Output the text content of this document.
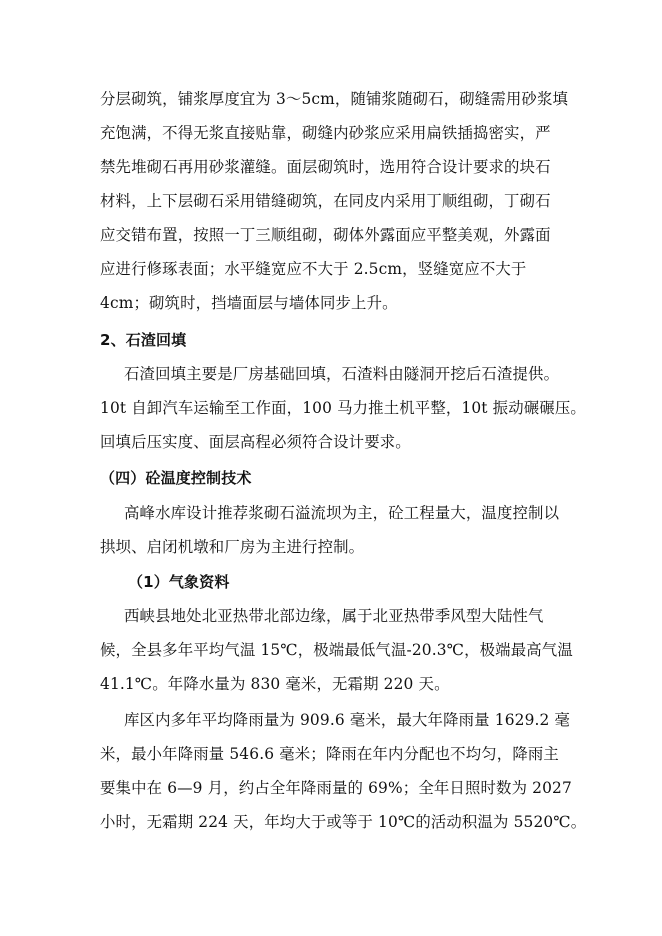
分层砌筑，铺浆厚度宜为 3～5cm，随铺浆随砌石，砌缝需用砂浆填
充饱满，不得无浆直接贴靠，砌缝内砂浆应采用扁铁插捣密实，严
禁先堆砌石再用砂浆灌缝。面层砌筑时，选用符合设计要求的块石
材料，上下层砌石采用错缝砌筑，在同皮内采用丁顺组砌，丁砌石
应交错布置，按照一丁三顺组砌，砌体外露面应平整美观，外露面
应进行修琢表面；水平缝宽应不大于 2.5cm，竖缝宽应不大于
4cm；砌筑时，挡墙面层与墙体同步上升。
2、石渣回填
石渣回填主要是厂房基础回填，石渣料由隧洞开挖后石渣提供。
10t 自卸汽车运输至工作面，100 马力推土机平整，10t 振动碾碾压。
回填后压实度、面层高程必须符合设计要求。
（四）砼温度控制技术
高峰水库设计推荐浆砌石溢流坝为主，砼工程量大，温度控制以
拱坝、启闭机墩和厂房为主进行控制。
（1）气象资料
西峡县地处北亚热带北部边缘，属于北亚热带季风型大陆性气
候，全县多年平均气温 15℃，极端最低气温-20.3℃，极端最高气温
41.1℃。年降水量为 830 毫米，无霜期 220 天。
库区内多年平均降雨量为 909.6 毫米，最大年降雨量 1629.2 毫
米，最小年降雨量 546.6 毫米；降雨在年内分配也不均匀，降雨主
要集中在 6—9 月，约占全年降雨量的 69%；全年日照时数为 2027
小时，无霜期 224 天，年均大于或等于 10℃的活动积温为 5520℃。
